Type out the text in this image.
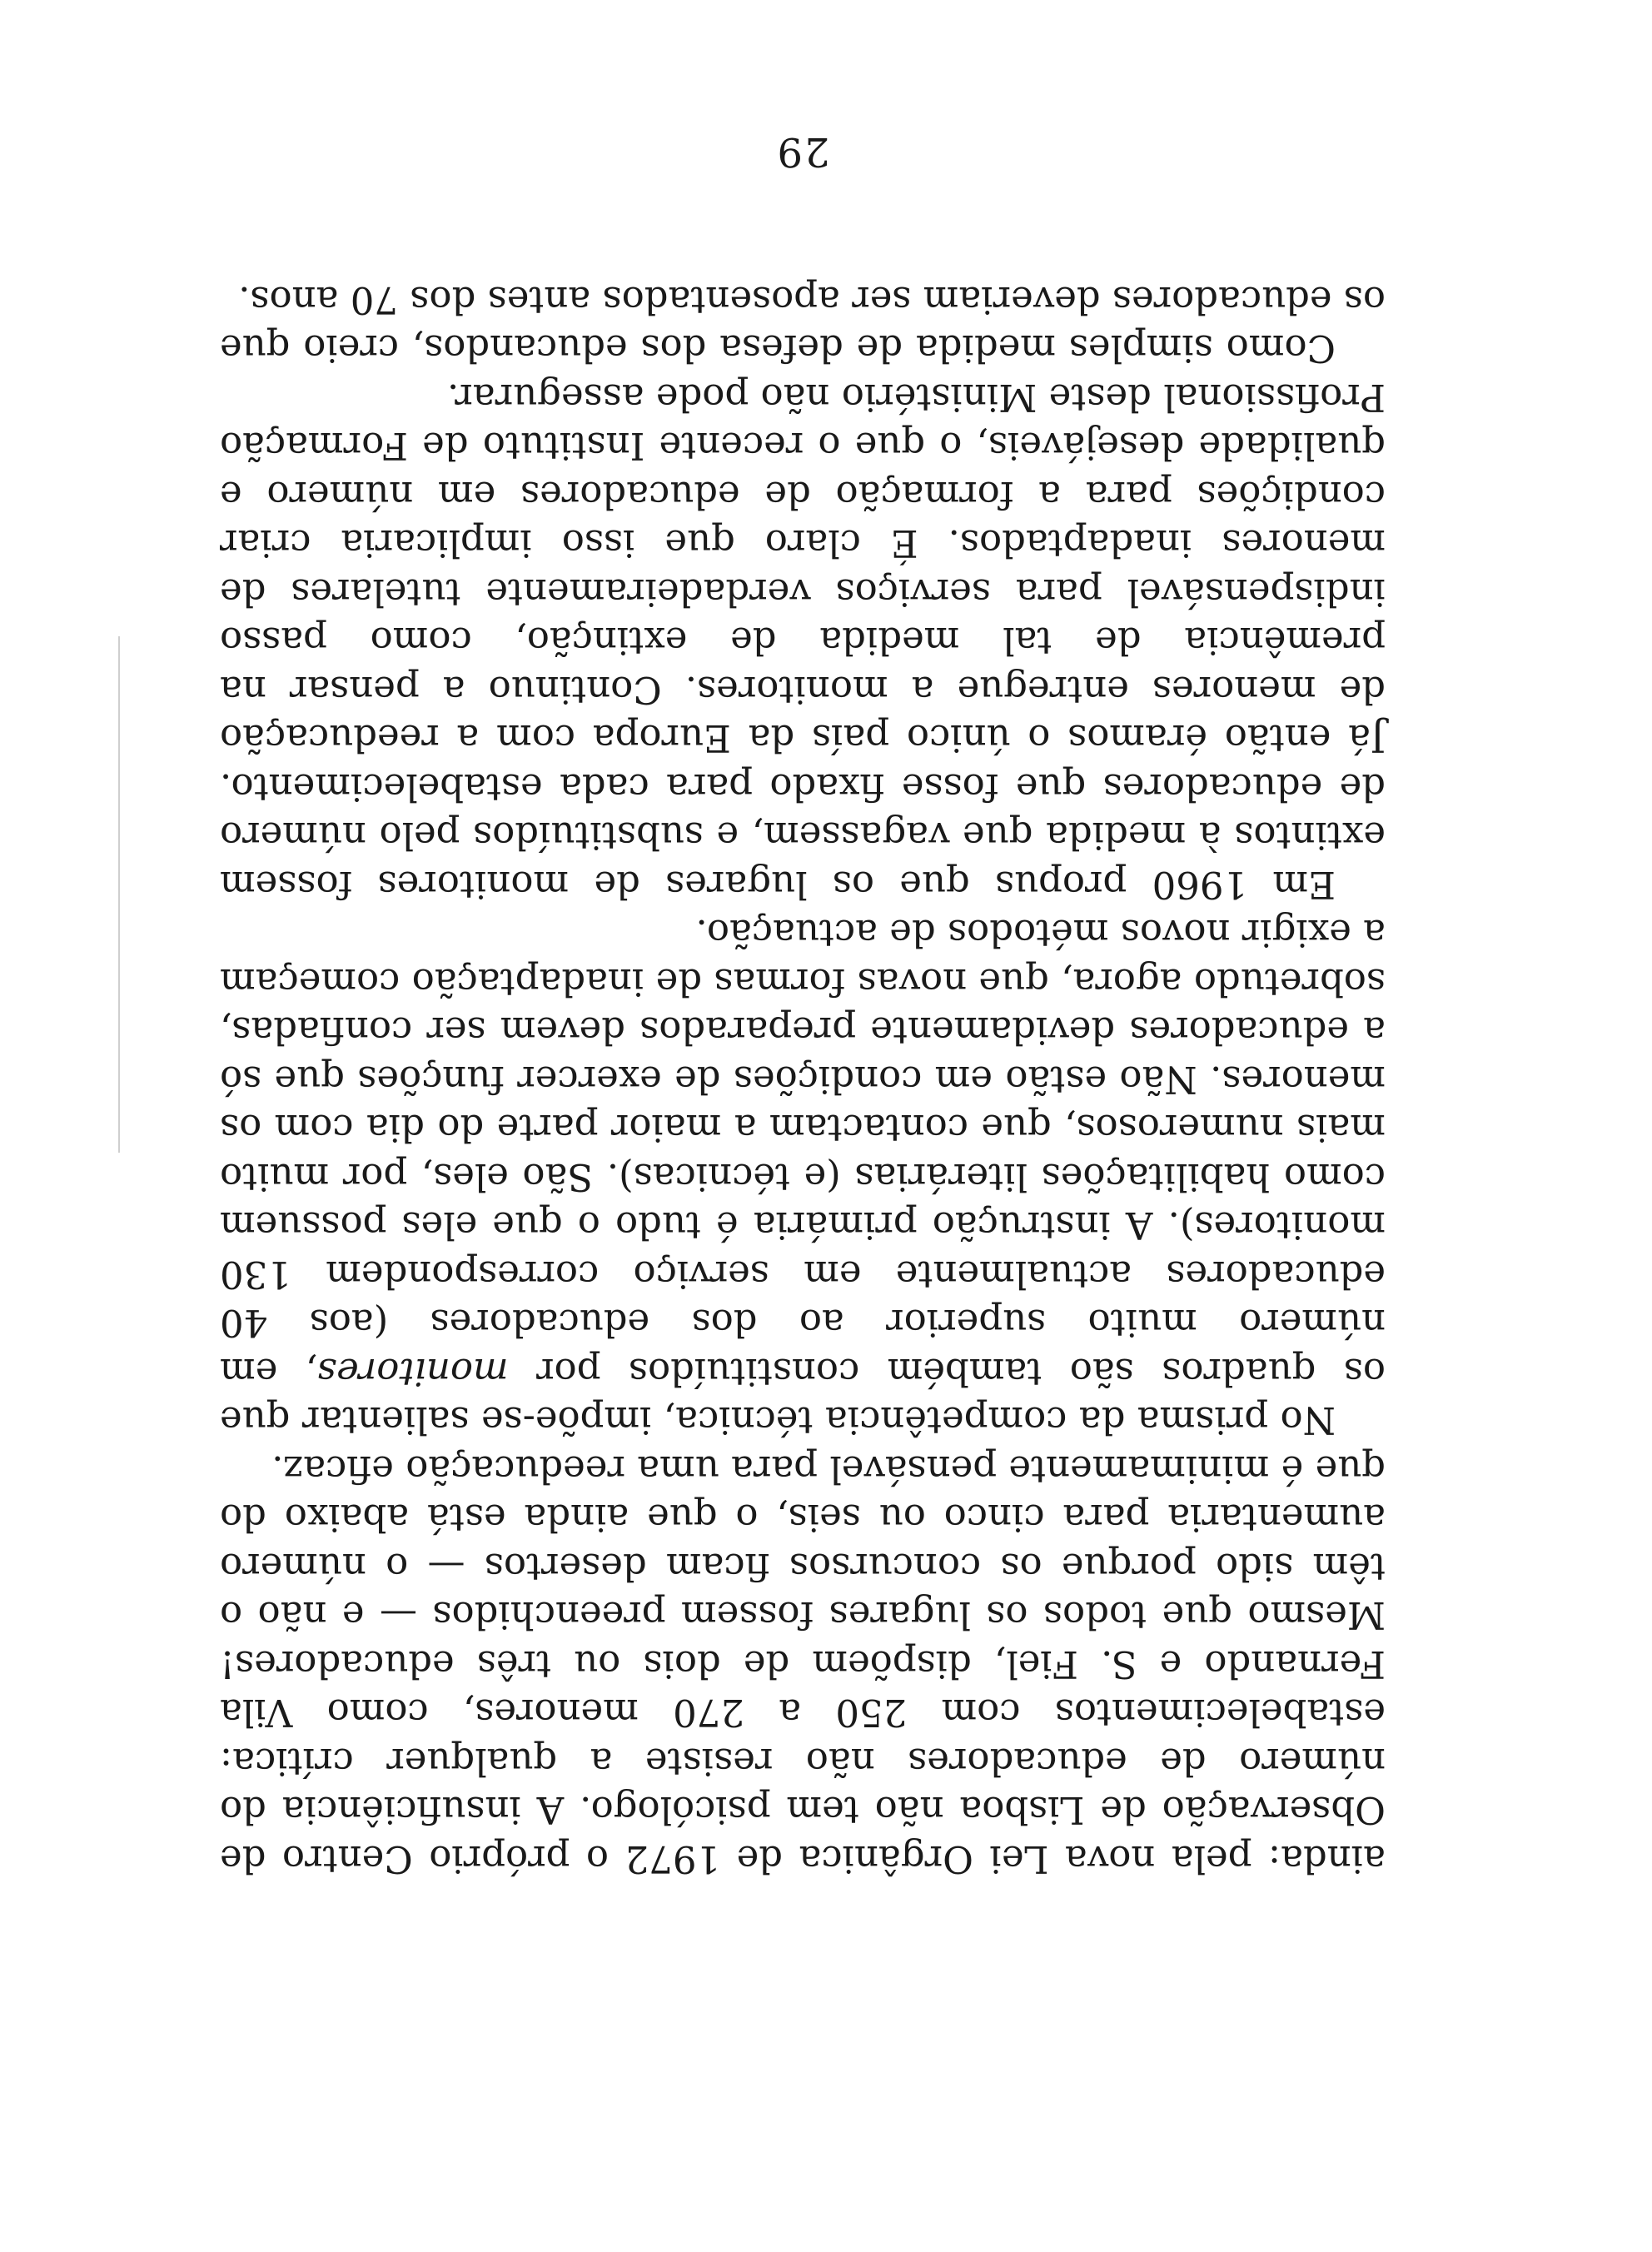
ainda: pela nova Lei Orgânica de 1972 o próprio Centro de Observação de Lisboa não tem psicólogo. A insuficiência do número de educadores não resiste a qualquer crítica: estabelecimentos com 250 a 270 menores, como Vila Fernando e S. Fiel, dispõem de dois ou três educadores! Mesmo que todos os lugares fossem preenchidos — e não o têm sido porque os concursos ficam desertos — o número aumentaria para cinco ou seis, o que ainda está abaixo do que é minimamente pensável para uma reeducação eficaz.

No prisma da competência técnica, impõe-se salientar que os quadros são também constituídos por monitores, em número muito superior ao dos educadores (aos 40 educadores actualmente em serviço correspondem 130 monitores). A instrução primária é tudo o que eles possuem como habilitações literárias (e técnicas). São eles, por muito mais numerosos, que contactam a maior parte do dia com os menores. Não estão em condições de exercer funções que só a educadores devidamente preparados devem ser confiadas, sobretudo agora, que novas formas de inadaptação começam a exigir novos métodos de actuação.

Em 1960 propus que os lugares de monitores fossem extintos à medida que vagassem, e substituídos pelo número de educadores que fosse fixado para cada estabelecimento. Já então éramos o único país da Europa com a reeducação de menores entregue a monitores. Continuo a pensar na premência de tal medida de extinção, como passo indispensável para serviços verdadeiramente tutelares de menores inadaptados. É claro que isso implicaria criar condições para a formação de educadores em número e qualidade desejáveis, o que o recente Instituto de Formação Profissional deste Ministério não pode assegurar.

Como simples medida de defesa dos educandos, creio que os educadores deveriam ser aposentados antes dos 70 anos.

29
